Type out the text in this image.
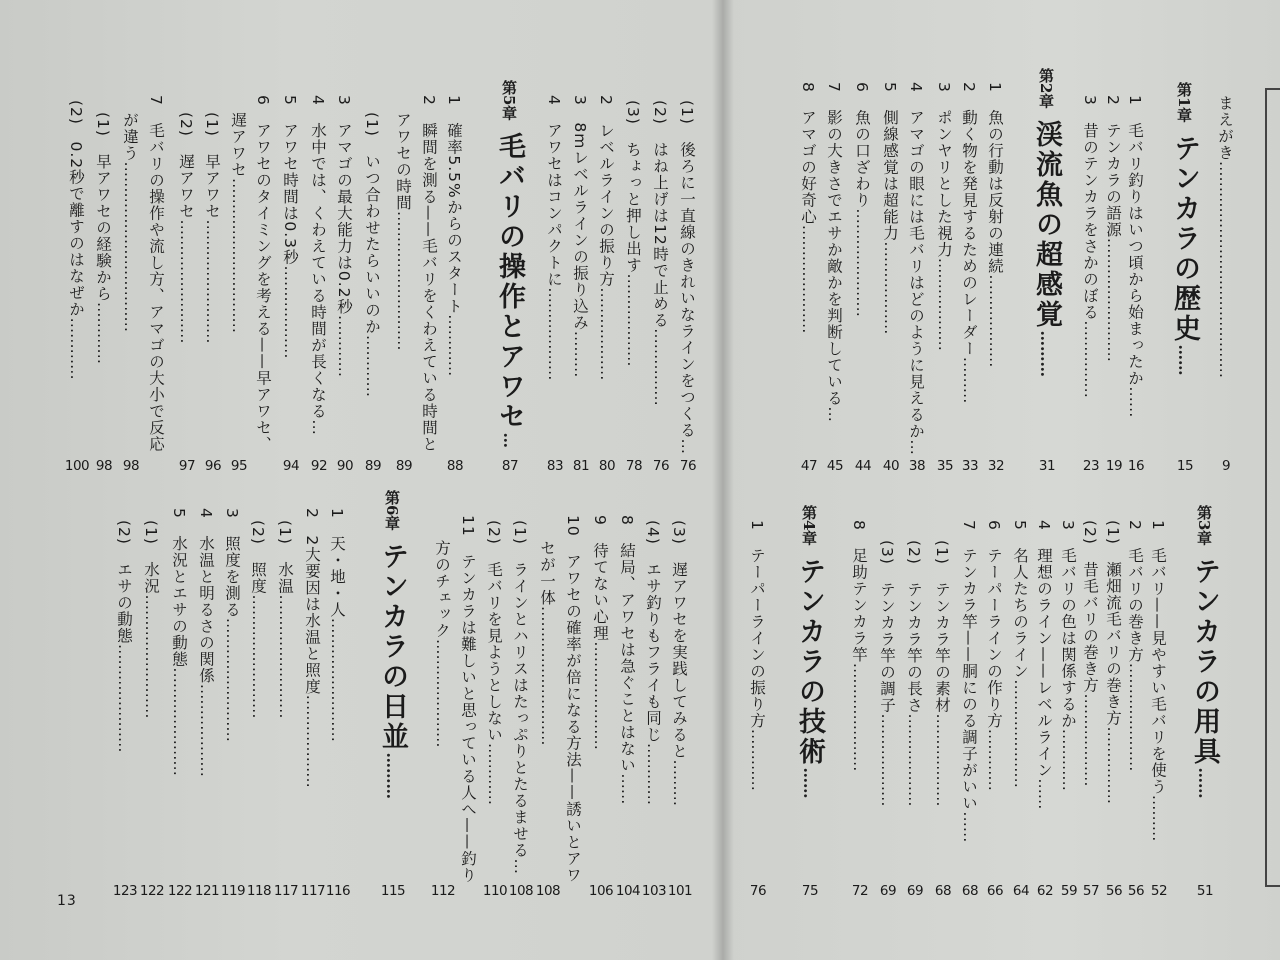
まえがき……………………………………
9
第1章テンカラの歴史……
15
1　毛バリ釣りはいつ頃から始まったか……
16
2　テンカラの語源……………………
19
3　昔のテンカラをさかのぼる……………
23
第2章渓流魚の超感覚………
31
1　魚の行動は反射の連続………………
32
2　動く物を発見するためのレーダー………
33
3　ポンヤリとした視力………………
35
4　アマゴの眼には毛バリはどのように見えるか…
38
5　側線感覚は超能力………………
40
6　魚の口ざわり…………………
44
7　影の大きさでエサか敵かを判断している…
45
8　アマゴの好奇心…………………
47
(1)　後ろに一直線のきれいなラインをつくる…
76
(2)　はね上げは12時で止める……………
76
(3)　ちょっと押し出す………………
78
2　レベルラインの振り方………………
80
3　8mレベルラインの振り込み………
81
4　アワセはコンパクトに………………
83
第5章毛バリの操作とアワセ…
87
1　確率5.5%からのスタート…………
88
2　瞬間を測る——毛バリをくわえている時間と
アワセの時間………………………
89
(1)　いつ合わせたらいいのか…………
89
3　アマゴの最大能力は0.2秒…………
90
4　水中では、くわえている時間が長くなる…
92
5　アワセ時間は0.3秒………………
94
6　アワセのタイミングを考える——早アワセ、
遅アワセ…………………………
95
(1)　早アワセ……………………
96
(2)　遅アワセ……………………
97
7　毛バリの操作や流し方、アマゴの大小で反応
が違う……………………………
98
(1)　早アワセの経験から…………
98
(2)　0.2秒で離すのはなぜか…………
100
第3章テンカラの用具……
51
1　毛バリ——見やすい毛バリを使う………
52
2　毛バリの巻き方…………………
56
(1)　瀬畑流毛バリの巻き方……………
56
(2)　昔毛バリの巻き方………………
57
3　毛バリの色は関係するか…………
59
4　理想のライン——レベルライン……
62
5　名人たちのライン…………………
64
6　テーパーラインの作り方…………
66
7　テンカラ竿——胴にのる調子がいい……
68
(1)　テンカラ竿の素材………………
68
(2)　テンカラ竿の長さ………………
69
(3)　テンカラ竿の調子………………
69
8　足助テンカラ竿…………………
72
第4章テンカラの技術……
75
1　テーパーラインの振り方…………
76
(3)　遅アワセを実践してみると………
101
(4)　エサ釣りもフライも同じ…………
103
8　結局、アワセは急ぐことはない……
104
9　待てない心理…………………
106
10　アワセの確率が倍になる方法——誘いとアワ
セが一体………………………
108
(1)　ラインとハリスはたっぷりとたるませる…
108
(2)　毛バリを見ようとしない…………
110
11　テンカラは難しいと思っている人へ——釣り
方のチェック…………………
112
第6章テンカラの日並………
115
1　天・地・人……………………
116
2　2大要因は水温と照度………………
117
(1)　水温……………………
117
(2)　照度……………………
118
3　照度を測る……………………
119
4　水温と明るさの関係………………
121
5　水況とエサの動態…………………
122
(1)　水況……………………
122
(2)　エサの動態…………………
123
13
